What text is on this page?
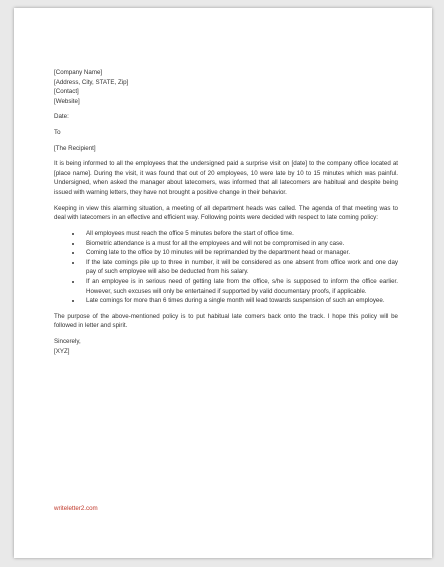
[Company Name]

[Address, City, STATE, Zip]

[Contact]

[Website]

Date:

To

[The Recipient]

It is being informed to all the employees that the undersigned paid a surprise visit on [date] to the company office located at [place name]. During the visit, it was found that out of 20 employees, 10 were late by 10 to 15 minutes which was painful. Undersigned, when asked the manager about latecomers, was informed that all latecomers are habitual and despite being issued with warning letters, they have not brought a positive change in their behavior.

Keeping in view this alarming situation, a meeting of all department heads was called. The agenda of that meeting was to deal with latecomers in an effective and efficient way. Following points were decided with respect to late coming policy:

• All employees must reach the office 5 minutes before the start of office time.
• Biometric attendance is a must for all the employees and will not be compromised in any case.
• Coming late to the office by 10 minutes will be reprimanded by the department head or manager.
• If the late comings pile up to three in number, it will be considered as one absent from office work and one day pay of such employee will also be deducted from his salary.
• If an employee is in serious need of getting late from the office, s/he is supposed to inform the office earlier. However, such excuses will only be entertained if supported by valid documentary proofs, if applicable.
• Late comings for more than 6 times during a single month will lead towards suspension of such an employee.

The purpose of the above-mentioned policy is to put habitual late comers back onto the track. I hope this policy will be followed in letter and spirit.

Sincerely,

[XYZ]

writeletter2.com
